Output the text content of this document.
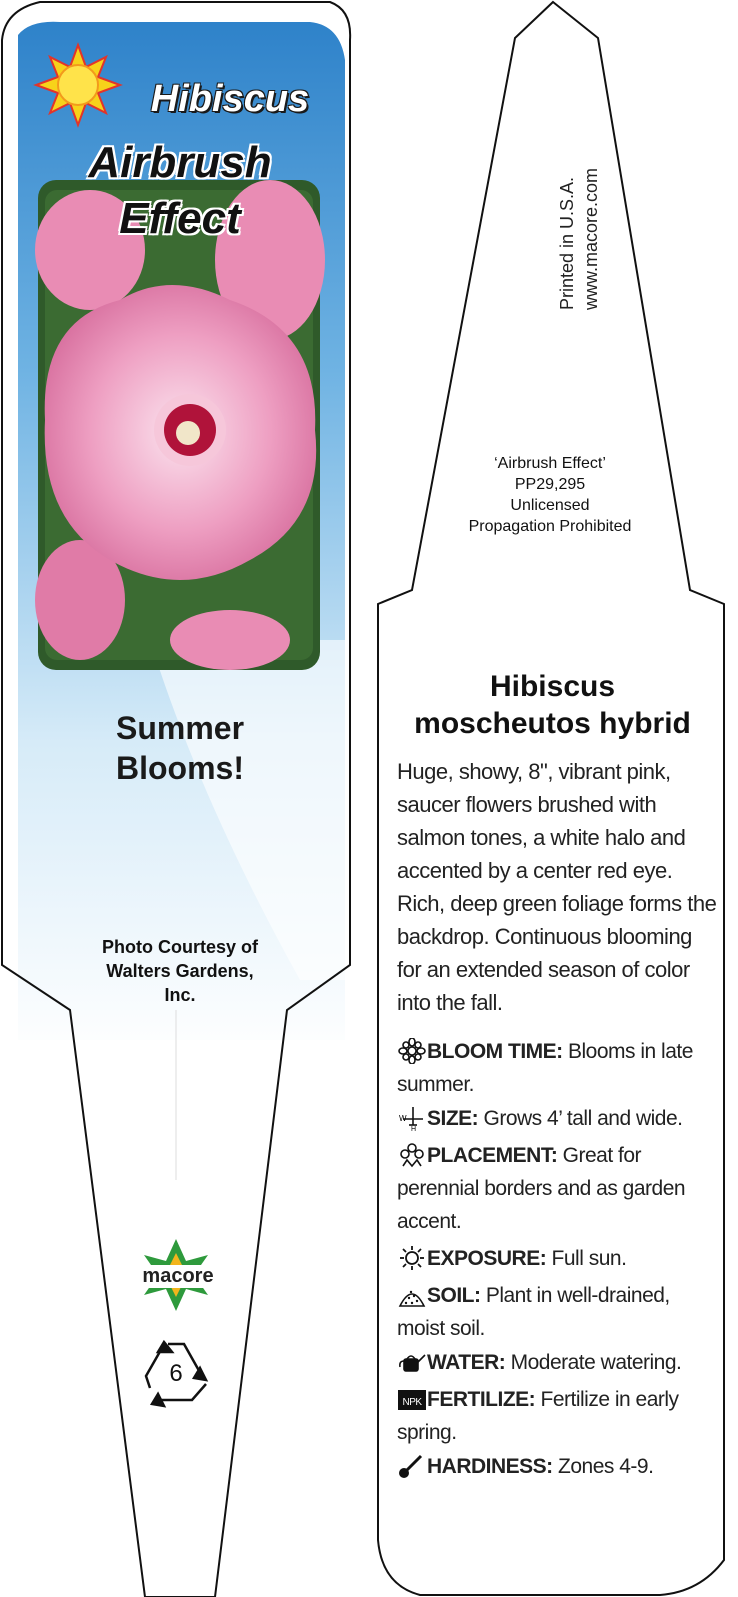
Hibiscus
Airbrush
Effect
Summer
Blooms!
Photo Courtesy of
Walters Gardens,
Inc.
macore
6
Printed in U.S.A. www.macore.com
‘Airbrush Effect’
PP29,295
Unlicensed
Propagation Prohibited
Hibiscus
moscheutos hybrid
Huge, showy, 8", vibrant pink, saucer flowers brushed with salmon tones, a white halo and accented by a center red eye. Rich, deep green foliage forms the backdrop. Continuous blooming for an extended season of color into the fall.
BLOOM TIME: Blooms in late summer.
W
H SIZE: Grows 4’ tall and wide.
PLACEMENT: Great for perennial borders and as garden accent.
EXPOSURE: Full sun.
SOIL: Plant in well-drained, moist soil.
WATER: Moderate watering.
NPK FERTILIZE: Fertilize in early spring.
HARDINESS: Zones 4-9.
